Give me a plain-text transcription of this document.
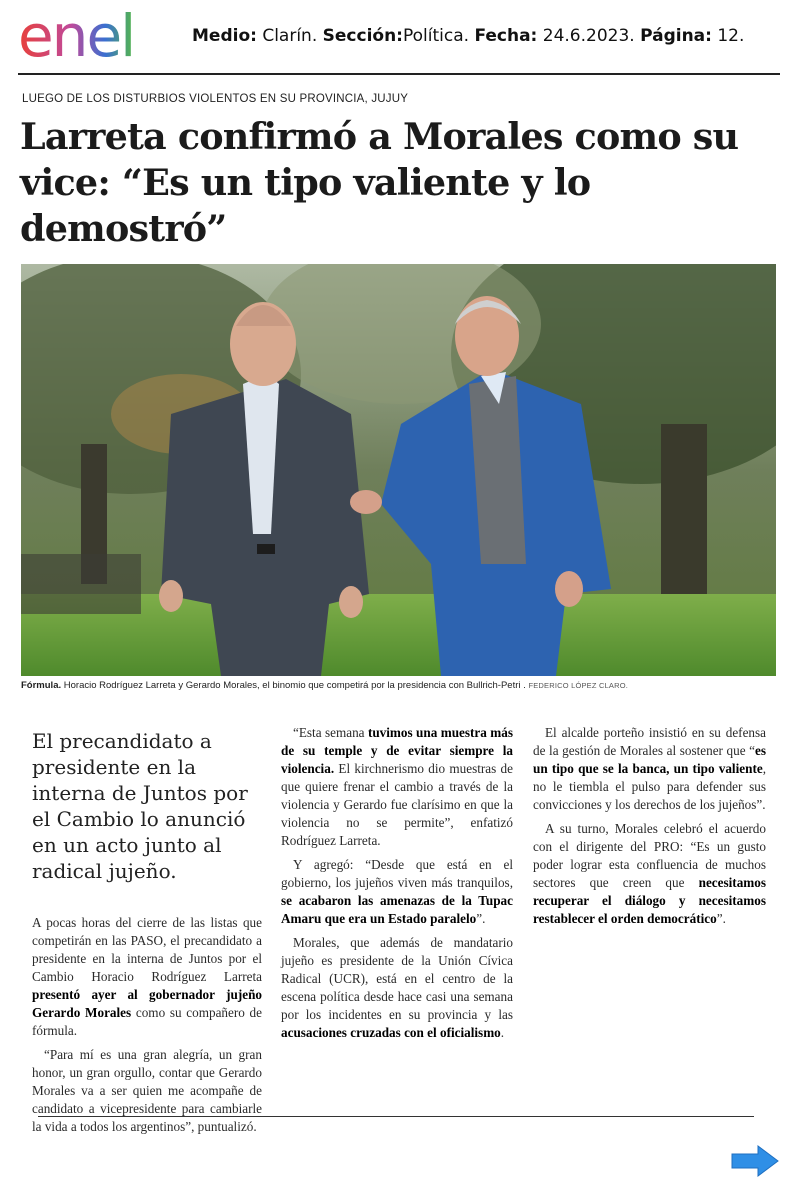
enel	Medio: Clarín. Sección:Política. Fecha: 24.6.2023. Página: 12.
LUEGO DE LOS DISTURBIOS VIOLENTOS EN SU PROVINCIA, JUJUY
Larreta confirmó a Morales como su vice: “Es un tipo valiente y lo demostró”
Fórmula. Horacio Rodríguez Larreta y Gerardo Morales, el binomio que competirá por la presidencia con Bullrich-Petri . FEDERICO LÓPEZ CLARO.

El precandidato a presidente en la interna de Juntos por el Cambio lo anunció en un acto junto al radical jujeño.

A pocas horas del cierre de las listas que competirán en las PASO, el precandidato a presidente en la interna de Juntos por el Cambio Horacio Rodríguez Larreta presentó ayer al gobernador jujeño Gerardo Morales como su compañero de fórmula.

“Para mí es una gran alegría, un gran honor, un gran orgullo, contar que Gerardo Morales va a ser quien me acompañe de candidato a vicepresidente para cambiarle la vida a todos los argentinos”, puntualizó.

“Esta semana tuvimos una muestra más de su temple y de evitar siempre la violencia. El kirchnerismo dio muestras de que quiere frenar el cambio a través de la violencia y Gerardo fue clarísimo en que la violencia no se permite”, enfatizó Rodríguez Larreta.

Y agregó: “Desde que está en el gobierno, los jujeños viven más tranquilos, se acabaron las amenazas de la Tupac Amaru que era un Estado paralelo”.

Morales, que además de mandatario jujeño es presidente de la Unión Cívica Radical (UCR), está en el centro de la escena política desde hace casi una semana por los incidentes en su provincia y las acusaciones cruzadas con el oficialismo.

El alcalde porteño insistió en su defensa de la gestión de Morales al sostener que “es un tipo que se la banca, un tipo valiente, no le tiembla el pulso para defender sus convicciones y los derechos de los jujeños”.

A su turno, Morales celebró el acuerdo con el dirigente del PRO: “Es un gusto poder lograr esta confluencia de muchos sectores que creen que necesitamos recuperar el diálogo y necesitamos restablecer el orden democrático”.
